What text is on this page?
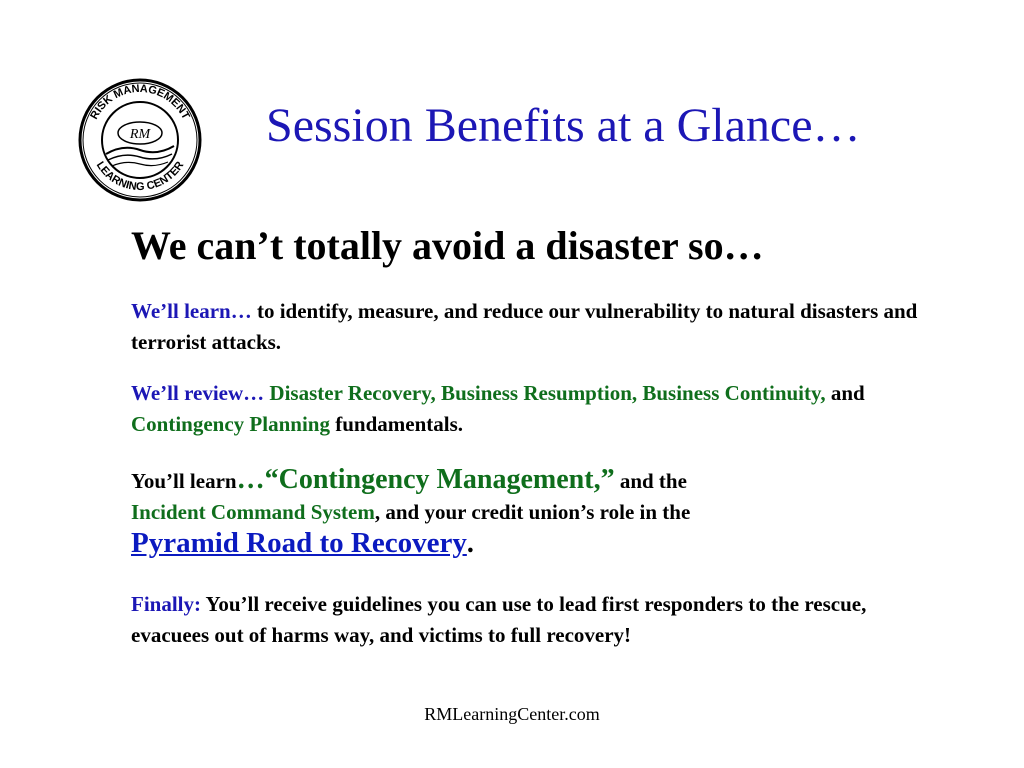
RISK MANAGEMENT
LEARNING CENTER
RM Session Benefits at a Glance…
We can’t totally avoid a disaster so…

We’ll learn… to identify, measure, and reduce our vulnerability to natural disasters and terrorist attacks.

We’ll review… Disaster Recovery, Business Resumption, Business Continuity, and Contingency Planning fundamentals.

You’ll learn…“Contingency Management,” and the
Incident Command System, and your credit union’s role in the
Pyramid Road to Recovery.

Finally: You’ll receive guidelines you can use to lead first responders to the rescue, evacuees out of harms way, and victims to full recovery!

RMLearningCenter.com
